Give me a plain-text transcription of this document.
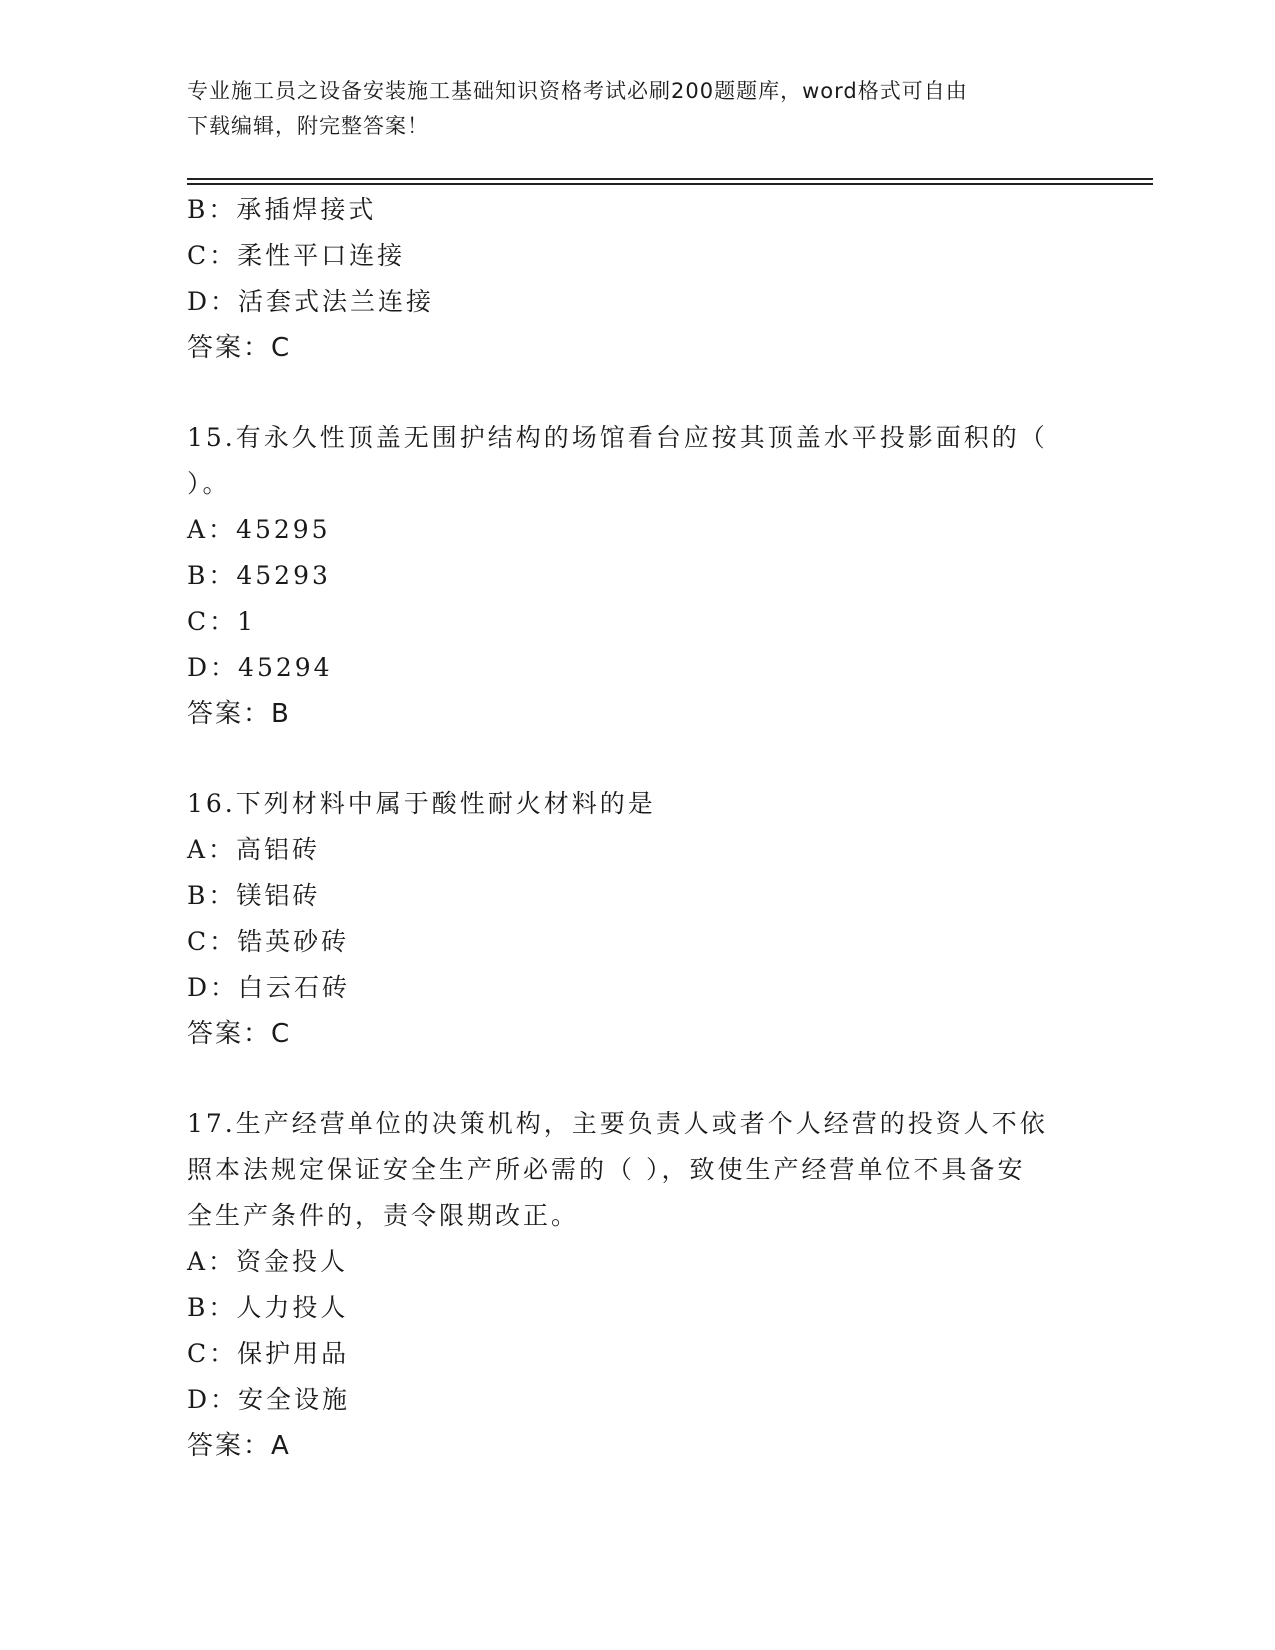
专业施工员之设备安装施工基础知识资格考试必刷200题题库，word格式可自由
下载编辑，附完整答案！
B：承插焊接式
C：柔性平口连接
D：活套式法兰连接
答案：C
15.有永久性顶盖无围护结构的场馆看台应按其顶盖水平投影面积的（
）。
A：45295
B：45293
C：1
D：45294
答案：B
16.下列材料中属于酸性耐火材料的是
A：高铝砖
B：镁铝砖
C：锆英砂砖
D：白云石砖
答案：C
17.生产经营单位的决策机构，主要负责人或者个人经营的投资人不依
照本法规定保证安全生产所必需的（ ），致使生产经营单位不具备安
全生产条件的，责令限期改正。
A：资金投人
B：人力投人
C：保护用品
D：安全设施
答案：A
